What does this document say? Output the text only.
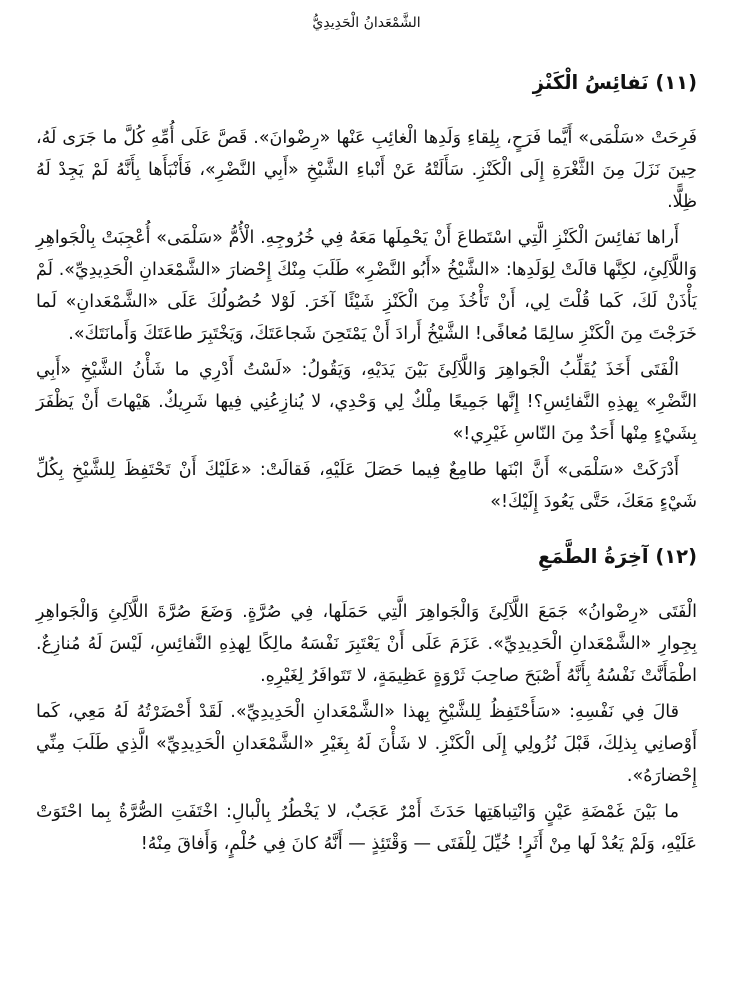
الشَّمْعَدانُ الْحَدِيدِيُّ
(١١) نَفائِسُ الْكَنْزِ

فَرِحَتْ «سَلْمَى» أَيَّما فَرَحٍ، بِلِقاءِ وَلَدِها الْغائِبِ عَنْها «رِضْوانَ». قَصَّ عَلَى أُمِّهِ كُلَّ ما جَرَى لَهُ، حِينَ نَزَلَ مِنَ الثَّغْرَةِ إِلَى الْكَنْزِ. سَأَلَتْهُ عَنْ أَنْباءِ الشَّيْخِ «أَبِي النَّضْرِ»، فَأَنْبَأَها بِأَنَّهُ لَمْ يَجِدْ لَهُ ظِلًّا.

أَراها نَفائِسَ الْكَنْزِ الَّتِي اسْتَطاعَ أَنْ يَحْمِلَها مَعَهُ فِي خُرُوجِهِ. الْأُمُّ «سَلْمَى» أُعْجِبَتْ بِالْجَواهِرِ وَاللَّآلِئِ، لكِنَّها قالَتْ لِوَلَدِها: «الشَّيْخُ «أَبُو النَّضْرِ» طَلَبَ مِنْكَ إِحْضارَ «الشَّمْعَدانِ الْحَدِيدِيِّ». لَمْ يَأْذَنْ لَكَ، كَما قُلْتَ لِي، أَنْ تَأْخُذَ مِنَ الْكَنْزِ شَيْئًا آخَرَ. لَوْلا حُصُولُكَ عَلَى «الشَّمْعَدانِ» لَما خَرَجْتَ مِنَ الْكَنْزِ سالِمًا مُعافًى! الشَّيْخُ أَرادَ أَنْ يَمْتَحِنَ شَجاعَتَكَ، وَيَخْتَبِرَ طاعَتَكَ وَأَمانَتَكَ».

الْفَتَى أَخَذَ يُقَلِّبُ الْجَواهِرَ وَاللَّآلِئَ بَيْنَ يَدَيْهِ، وَيَقُولُ: «لَسْتُ أَدْرِي ما شَأْنُ الشَّيْخِ «أَبِي النَّضْرِ» بِهذِهِ النَّفائِسِ؟! إِنَّها جَمِيعًا مِلْكٌ لِي وَحْدِي، لا يُنازِعُنِي فِيها شَرِيكٌ. هَيْهاتَ أَنْ يَظْفَرَ بِشَيْءٍ مِنْها أَحَدٌ مِنَ النّاسِ غَيْرِي!»

أَدْرَكَتْ «سَلْمَى» أَنَّ ابْنَها طامِعٌ فِيما حَصَلَ عَلَيْهِ، فَقالَتْ: «عَلَيْكَ أَنْ تَحْتَفِظَ لِلشَّيْخِ بِكُلِّ شَيْءٍ مَعَكَ، حَتَّى يَعُودَ إِلَيْكَ!»

(١٢) آخِرَةُ الطَّمَعِ

الْفَتَى «رِضْوانُ» جَمَعَ اللَّآلِئَ وَالْجَواهِرَ الَّتِي حَمَلَها، فِي صُرَّةٍ. وَضَعَ صُرَّةَ اللَّآلِئِ وَالْجَواهِرِ بِجِوارِ «الشَّمْعَدانِ الْحَدِيدِيِّ». عَزَمَ عَلَى أَنْ يَعْتَبِرَ نَفْسَهُ مالِكًا لِهذِهِ النَّفائِسِ، لَيْسَ لَهُ مُنازِعٌ. اطْمَأَنَّتْ نَفْسُهُ بِأَنَّهُ أَصْبَحَ صاحِبَ ثَرْوَةٍ عَظِيمَةٍ، لا تَتَوافَرُ لِغَيْرِهِ.

قالَ فِي نَفْسِهِ: «سَأَحْتَفِظُ لِلشَّيْخِ بِهذا «الشَّمْعَدانِ الْحَدِيدِيِّ». لَقَدْ أَحْضَرْتُهُ لَهُ مَعِي، كَما أَوْصانِي بِذلِكَ، قَبْلَ نُزُولِي إِلَى الْكَنْزِ. لا شَأْنَ لَهُ بِغَيْرِ «الشَّمْعَدانِ الْحَدِيدِيِّ» الَّذِي طَلَبَ مِنِّي إِحْضارَهُ».

ما بَيْنَ غَمْضَةِ عَيْنٍ وَانْتِباهَتِها حَدَثَ أَمْرٌ عَجَبٌ، لا يَخْطُرُ بِالْبالِ: اخْتَفَتِ الصُّرَّةُ بِما احْتَوَتْ عَلَيْهِ، وَلَمْ يَعُدْ لَها مِنْ أَثَرٍ! خُيِّلَ لِلْفَتَى — وَقْتَئِذٍ — أَنَّهُ كانَ فِي حُلْمٍ، وَأَفاقَ مِنْهُ!
